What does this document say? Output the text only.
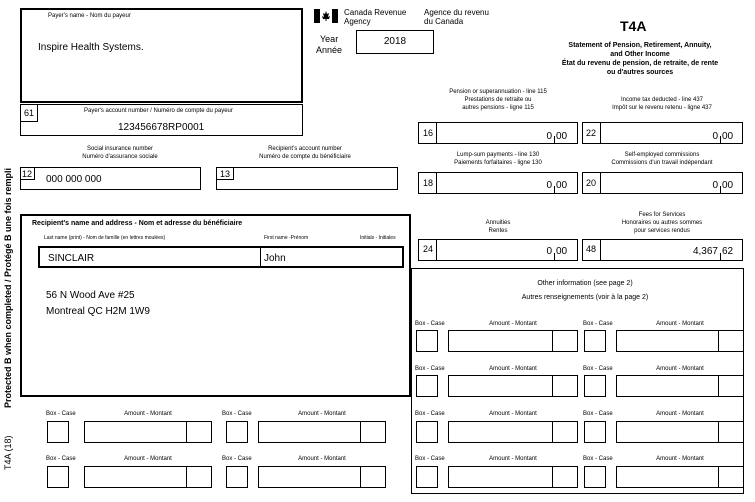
Payer's name - Nom du payeur
Inspire Health Systems.
Canada Revenue
Agency
Agence du revenu
du Canada
Year
Année
2018
T4A
Statement of Pension, Retirement, Annuity,
and Other Income
État du revenu de pension, de retraite, de rente
ou d'autres sources
61	Payer's account number / Numéro de compte du payeur
123456678RP0001
Social insurance number
Numéro d'assurance sociale
Recipient's account number
Numéro de compte du bénéficiaire
12 000 000 000	13
Pension or superannuation - line 115
Prestations de retraite ou
autres pensions - ligne 115
16	0 00
Income tax deducted - line 437
Impôt sur le revenu retenu - ligne 437
22	0 00
Lump-sum payments - line 130
Paiements forfaitaires - ligne 130
18	0 00
Self-employed commissions
Commissions d'un travail indépendant
20	0 00
Annuities
Rentes
24	0 00
Fees for Services
Honoraires ou autres sommes
pour services rendus
48	4,367 62
Recipient's name and address - Nom et adresse du bénéficiaire
Last name (print) - Nom de famille (en lettres moulées)	First name -Prénom	Initials - Initiales
SINCLAIR	John
56 N Wood Ave #25
Montreal QC H2M 1W9
Other information (see page 2)
Autres renseignements (voir à la page 2)
Box - Case	Amount - Montant	Box - Case	Amount - Montant
Box - Case	Amount - Montant	Box - Case	Amount - Montant
Box - Case	Amount - Montant	Box - Case	Amount - Montant	Box - Case	Amount - Montant	Box - Case	Amount - Montant
Box - Case	Amount - Montant	Box - Case	Amount - Montant	Box - Case	Amount - Montant	Box - Case	Amount - Montant
Protected B when completed / Protégé B une fois rempli
T4A (18)
